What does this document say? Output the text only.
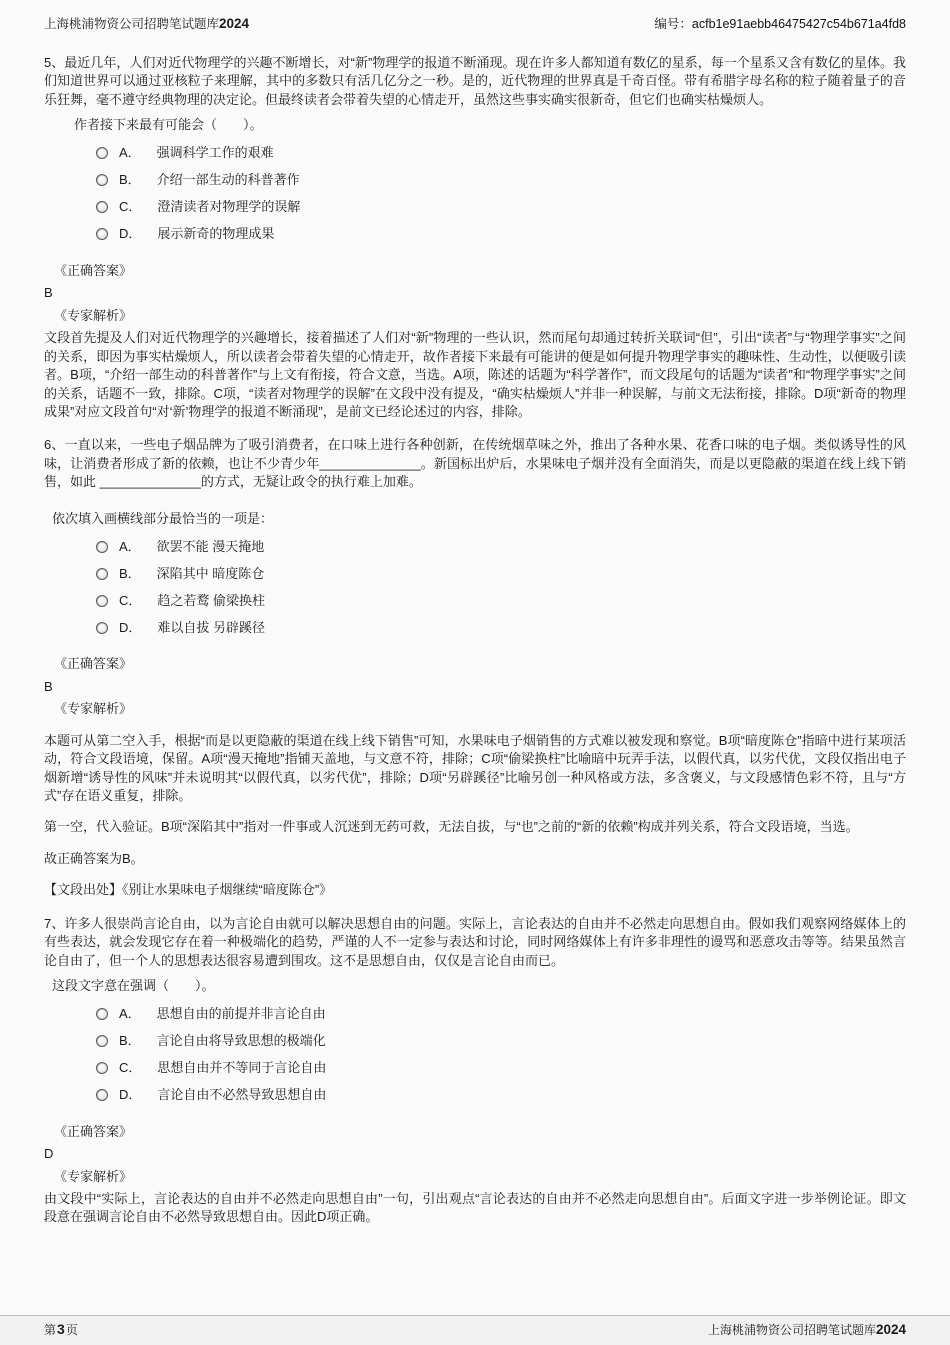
上海桃浦物资公司招聘笔试题库2024	编号：acfb1e91aebb46475427c54b671a4fd8

5、最近几年，人们对近代物理学的兴趣不断增长，对“新”物理学的报道不断涌现。现在许多人都知道有数亿的星系，每一个星系又含有数亿的星体。我们知道世界可以通过亚核粒子来理解，其中的多数只有活几亿分之一秒。是的，近代物理的世界真是千奇百怪。带有希腊字母名称的粒子随着量子的音乐狂舞，毫不遵守经典物理的决定论。但最终读者会带着失望的心情走开，虽然这些事实确实很新奇，但它们也确实枯燥烦人。

作者接下来最有可能会（　　）。

A． 强调科学工作的艰难
B． 介绍一部生动的科普著作
C． 澄清读者对物理学的误解
D． 展示新奇的物理成果

《正确答案》

B

《专家解析》

文段首先提及人们对近代物理学的兴趣增长，接着描述了人们对“新”物理的一些认识，然而尾句却通过转折关联词“但”，引出“读者”与“物理学事实”之间的关系，即因为事实枯燥烦人，所以读者会带着失望的心情走开，故作者接下来最有可能讲的便是如何提升物理学事实的趣味性、生动性，以便吸引读者。B项，“介绍一部生动的科普著作”与上文有衔接，符合文意，当选。A项，陈述的话题为“科学著作”，而文段尾句的话题为“读者”和“物理学事实”之间的关系，话题不一致，排除。C项，“读者对物理学的误解”在文段中没有提及，“确实枯燥烦人”并非一种误解，与前文无法衔接，排除。D项“新奇的物理成果”对应文段首句“对‘新’物理学的报道不断涌现”，是前文已经论述过的内容，排除。

6、一直以来，一些电子烟品牌为了吸引消费者，在口味上进行各种创新，在传统烟草味之外，推出了各种水果、花香口味的电子烟。类似诱导性的风味，让消费者形成了新的依赖，也让不少青少年______________。新国标出炉后，水果味电子烟并没有全面消失，而是以更隐蔽的渠道在线上线下销售，如此 ______________的方式，无疑让政令的执行难上加难。

依次填入画横线部分最恰当的一项是：

A． 欲罢不能 漫天掩地
B． 深陷其中 暗度陈仓
C． 趋之若鹜 偷梁换柱
D． 难以自拔 另辟蹊径

《正确答案》

B

《专家解析》

本题可从第二空入手，根据“而是以更隐蔽的渠道在线上线下销售”可知，水果味电子烟销售的方式难以被发现和察觉。B项“暗度陈仓”指暗中进行某项活动，符合文段语境，保留。A项“漫天掩地”指铺天盖地，与文意不符，排除；C项“偷梁换柱”比喻暗中玩弄手法，以假代真，以劣代优，文段仅指出电子烟新增“诱导性的风味”并未说明其“以假代真，以劣代优”，排除；D项“另辟蹊径”比喻另创一种风格或方法，多含褒义，与文段感情色彩不符，且与“方式”存在语义重复，排除。

第一空，代入验证。B项“深陷其中”指对一件事或人沉迷到无药可救，无法自拔，与“也”之前的“新的依赖”构成并列关系，符合文段语境，当选。

故正确答案为B。

【文段出处】《别让水果味电子烟继续“暗度陈仓”》

7、许多人很崇尚言论自由，以为言论自由就可以解决思想自由的问题。实际上，言论表达的自由并不必然走向思想自由。假如我们观察网络媒体上的有些表达，就会发现它存在着一种极端化的趋势，严谨的人不一定参与表达和讨论，同时网络媒体上有许多非理性的谩骂和恶意攻击等等。结果虽然言论自由了，但一个人的思想表达很容易遭到围攻。这不是思想自由，仅仅是言论自由而已。

这段文字意在强调（　　）。

A． 思想自由的前提并非言论自由
B． 言论自由将导致思想的极端化
C． 思想自由并不等同于言论自由
D． 言论自由不必然导致思想自由

《正确答案》

D

《专家解析》

由文段中“实际上，言论表达的自由并不必然走向思想自由”一句，引出观点“言论表达的自由并不必然走向思想自由”。后面文字进一步举例论证。即文段意在强调言论自由不必然导致思想自由。因此D项正确。

第3页	上海桃浦物资公司招聘笔试题库2024
